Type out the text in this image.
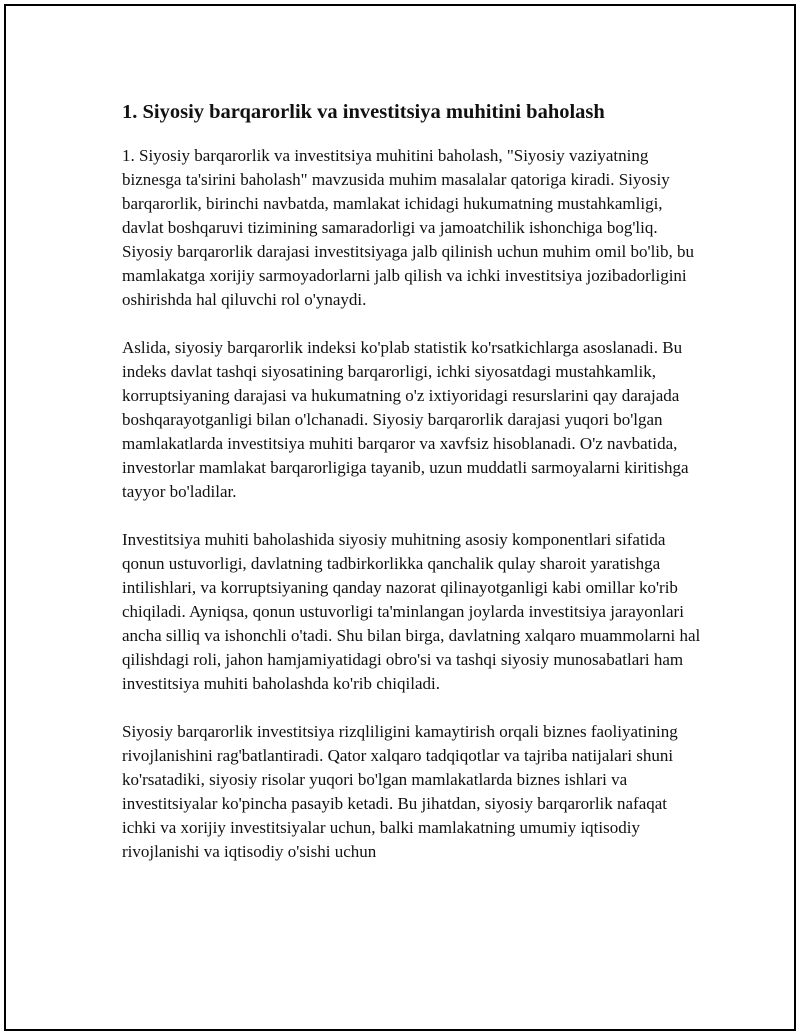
1. Siyosiy barqarorlik va investitsiya muhitini baholash

1. Siyosiy barqarorlik va investitsiya muhitini baholash, "Siyosiy vaziyatning biznesga ta'sirini baholash" mavzusida muhim masalalar qatoriga kiradi. Siyosiy barqarorlik, birinchi navbatda, mamlakat ichidagi hukumatning mustahkamligi, davlat boshqaruvi tizimining samaradorligi va jamoatchilik ishonchiga bog'liq. Siyosiy barqarorlik darajasi investitsiyaga jalb qilinish uchun muhim omil bo'lib, bu mamlakatga xorijiy sarmoyadorlarni jalb qilish va ichki investitsiya jozibadorligini oshirishda hal qiluvchi rol o'ynaydi.

Aslida, siyosiy barqarorlik indeksi ko'plab statistik ko'rsatkichlarga asoslanadi. Bu indeks davlat tashqi siyosatining barqarorligi, ichki siyosatdagi mustahkamlik, korruptsiyaning darajasi va hukumatning o'z ixtiyoridagi resurslarini qay darajada boshqarayotganligi bilan o'lchanadi. Siyosiy barqarorlik darajasi yuqori bo'lgan mamlakatlarda investitsiya muhiti barqaror va xavfsiz hisoblanadi. O'z navbatida, investorlar mamlakat barqarorligiga tayanib, uzun muddatli sarmoyalarni kiritishga tayyor bo'ladilar.

Investitsiya muhiti baholashida siyosiy muhitning asosiy komponentlari sifatida qonun ustuvorligi, davlatning tadbirkorlikka qanchalik qulay sharoit yaratishga intilishlari, va korruptsiyaning qanday nazorat qilinayotganligi kabi omillar ko'rib chiqiladi. Ayniqsa, qonun ustuvorligi ta'minlangan joylarda investitsiya jarayonlari ancha silliq va ishonchli o'tadi. Shu bilan birga, davlatning xalqaro muammolarni hal qilishdagi roli, jahon hamjamiyatidagi obro'si va tashqi siyosiy munosabatlari ham investitsiya muhiti baholashda ko'rib chiqiladi.

Siyosiy barqarorlik investitsiya rizqliligini kamaytirish orqali biznes faoliyatining rivojlanishini rag'batlantiradi. Qator xalqaro tadqiqotlar va tajriba natijalari shuni ko'rsatadiki, siyosiy risolar yuqori bo'lgan mamlakatlarda biznes ishlari va investitsiyalar ko'pincha pasayib ketadi. Bu jihatdan, siyosiy barqarorlik nafaqat ichki va xorijiy investitsiyalar uchun, balki mamlakatning umumiy iqtisodiy rivojlanishi va iqtisodiy o'sishi uchun
